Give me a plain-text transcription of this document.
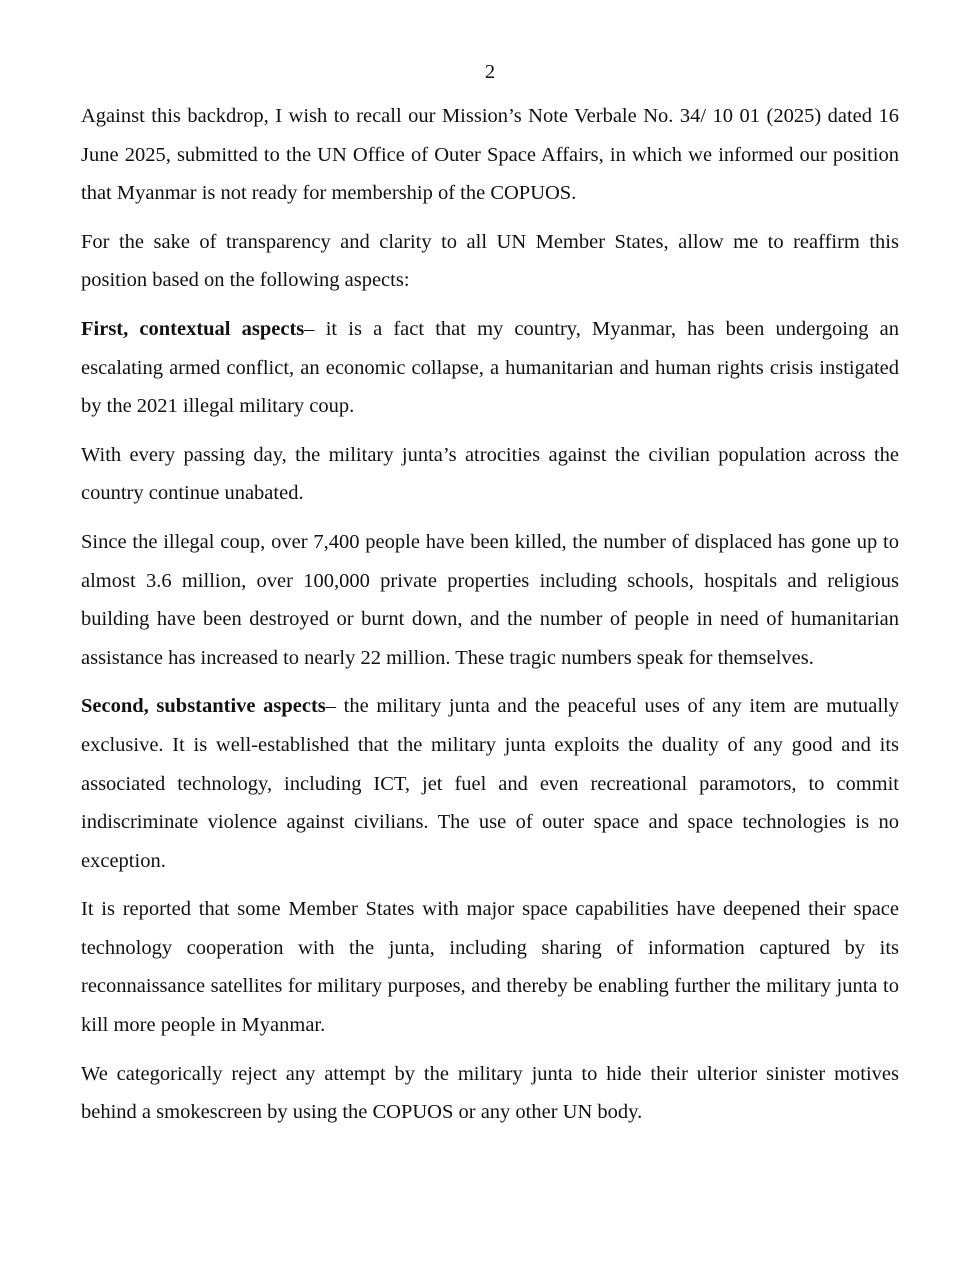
2

Against this backdrop, I wish to recall our Mission’s Note Verbale No. 34/ 10 01 (2025) dated 16 June 2025, submitted to the UN Office of Outer Space Affairs, in which we informed our position that Myanmar is not ready for membership of the COPUOS.

For the sake of transparency and clarity to all UN Member States, allow me to reaffirm this position based on the following aspects:

First, contextual aspects– it is a fact that my country, Myanmar, has been undergoing an escalating armed conflict, an economic collapse, a humanitarian and human rights crisis instigated by the 2021 illegal military coup.

With every passing day, the military junta’s atrocities against the civilian population across the country continue unabated.

Since the illegal coup, over 7,400 people have been killed, the number of displaced has gone up to almost 3.6 million, over 100,000 private properties including schools, hospitals and religious building have been destroyed or burnt down, and the number of people in need of humanitarian assistance has increased to nearly 22 million. These tragic numbers speak for themselves.

Second, substantive aspects– the military junta and the peaceful uses of any item are mutually exclusive. It is well-established that the military junta exploits the duality of any good and its associated technology, including ICT, jet fuel and even recreational paramotors, to commit indiscriminate violence against civilians. The use of outer space and space technologies is no exception.

It is reported that some Member States with major space capabilities have deepened their space technology cooperation with the junta, including sharing of information captured by its reconnaissance satellites for military purposes, and thereby be enabling further the military junta to kill more people in Myanmar.

We categorically reject any attempt by the military junta to hide their ulterior sinister motives behind a smokescreen by using the COPUOS or any other UN body.
